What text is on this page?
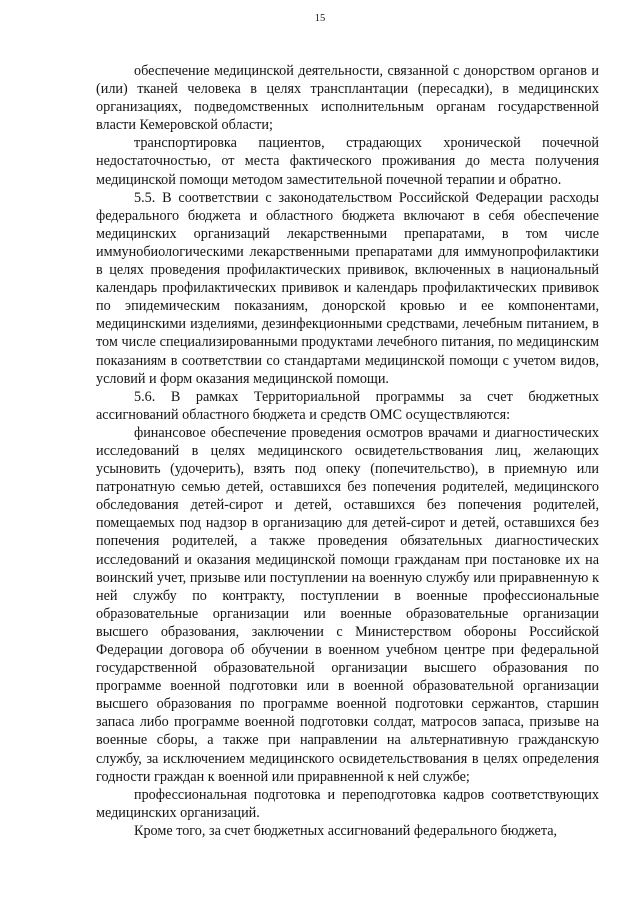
15

обеспечение медицинской деятельности, связанной с донорством органов и (или) тканей человека в целях трансплантации (пересадки), в медицинских организациях, подведомственных исполнительным органам государственной власти Кемеровской области;

транспортировка пациентов, страдающих хронической почечной недостаточностью, от места фактического проживания до места получения медицинской помощи методом заместительной почечной терапии и обратно.

5.5. В соответствии с законодательством Российской Федерации расходы федерального бюджета и областного бюджета включают в себя обеспечение медицинских организаций лекарственными препаратами, в том числе иммунобиологическими лекарственными препаратами для иммунопрофилактики в целях проведения профилактических прививок, включенных в национальный календарь профилактических прививок и календарь профилактических прививок по эпидемическим показаниям, донорской кровью и ее компонентами, медицинскими изделиями, дезинфекционными средствами, лечебным питанием, в том числе специализированными продуктами лечебного питания, по медицинским показаниям в соответствии со стандартами медицинской помощи с учетом видов, условий и форм оказания медицинской помощи.

5.6. В рамках Территориальной программы за счет бюджетных ассигнований областного бюджета и средств ОМС осуществляются:

финансовое обеспечение проведения осмотров врачами и диагностических исследований в целях медицинского освидетельствования лиц, желающих усыновить (удочерить), взять под опеку (попечительство), в приемную или патронатную семью детей, оставшихся без попечения родителей, медицинского обследования детей-сирот и детей, оставшихся без попечения родителей, помещаемых под надзор в организацию для детей-сирот и детей, оставшихся без попечения родителей, а также проведения обязательных диагностических исследований и оказания медицинской помощи гражданам при постановке их на воинский учет, призыве или поступлении на военную службу или приравненную к ней службу по контракту, поступлении в военные профессиональные образовательные организации или военные образовательные организации высшего образования, заключении с Министерством обороны Российской Федерации договора об обучении в военном учебном центре при федеральной государственной образовательной организации высшего образования по программе военной подготовки или в военной образовательной организации высшего образования по программе военной подготовки сержантов, старшин запаса либо программе военной подготовки солдат, матросов запаса, призыве на военные сборы, а также при направлении на альтернативную гражданскую службу, за исключением медицинского освидетельствования в целях определения годности граждан к военной или приравненной к ней службе;

профессиональная подготовка и переподготовка кадров соответствующих медицинских организаций.

Кроме того, за счет бюджетных ассигнований федерального бюджета,
